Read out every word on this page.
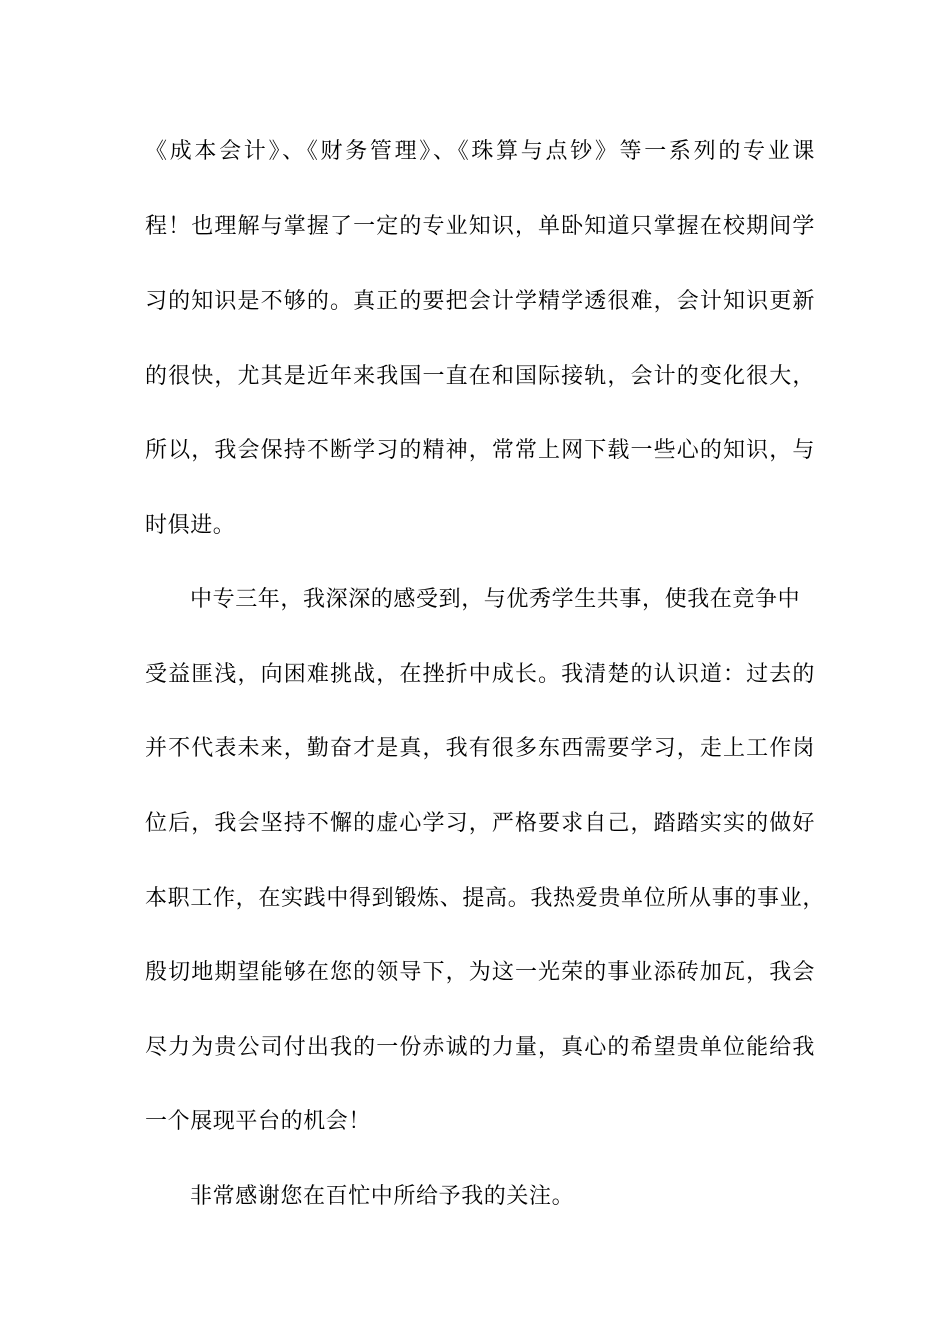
《成本会计》、《财务管理》、《珠算与点钞》等一系列的专业课
程！也理解与掌握了一定的专业知识，单卧知道只掌握在校期间学
习的知识是不够的。真正的要把会计学精学透很难，会计知识更新
的很快，尤其是近年来我国一直在和国际接轨，会计的变化很大，
所以，我会保持不断学习的精神，常常上网下载一些心的知识，与
时俱进。
中专三年，我深深的感受到，与优秀学生共事，使我在竞争中
受益匪浅，向困难挑战，在挫折中成长。我清楚的认识道：过去的
并不代表未来，勤奋才是真，我有很多东西需要学习，走上工作岗
位后，我会坚持不懈的虚心学习，严格要求自己，踏踏实实的做好
本职工作，在实践中得到锻炼、提高。我热爱贵单位所从事的事业，
殷切地期望能够在您的领导下，为这一光荣的事业添砖加瓦，我会
尽力为贵公司付出我的一份赤诚的力量，真心的希望贵单位能给我
一个展现平台的机会！
非常感谢您在百忙中所给予我的关注。
